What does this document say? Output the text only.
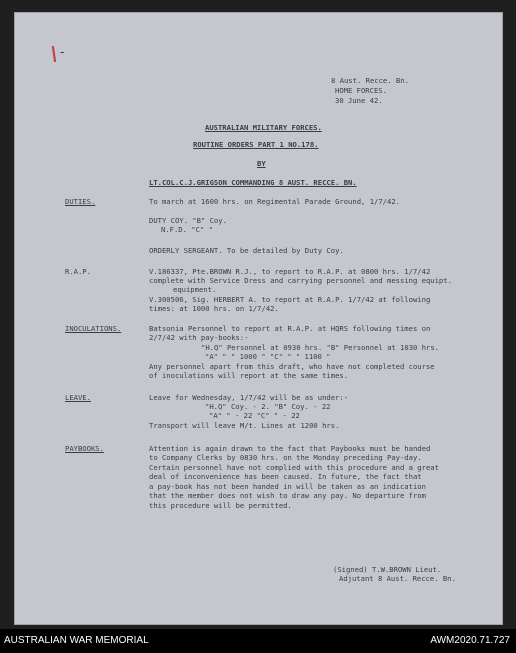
I -

8 Aust. Recce. Bn.

HOME FORCES.

30 June 42.

AUSTRALIAN MILITARY FORCES.

ROUTINE ORDERS PART 1 NO.178.

BY

LT.COL.C.J.GRIGSON COMMANDING 8 AUST. RECCE. BN.

DUTIES.	To march at 1600 hrs. on Regimental Parade Ground, 1/7/42.

DUTY COY. "B" Coy.

N.F.D. "C" "

ORDERLY SERGEANT. To be detailed by Duty Coy.

R.A.P.	V.186337, Pte.BROWN R.J., to report to R.A.P. at 0800 hrs. 1/7/42

complete with Service Dress and carrying personnel and messing equipt.

equipment.

V.300506, Sig. HERBERT A. to report at R.A.P. 1/7/42 at following

times: at 1000 hrs. on 1/7/42.

INOCULATIONS.	Batsonia Personnel to report at R.A.P. at HQRS following times on

2/7/42 with pay-books:-

"H.Q" Personnel at 0930 hrs. "B" Personnel at 1030 hrs.

"A" " " 1000 " "C" " " 1100 "

Any personnel apart from this draft, who have not completed course

of inoculations will report at the same times.

LEAVE.	Leave for Wednesday, 1/7/42 will be as under:-

"H.Q" Coy. - 2. "B" Coy. - 22

"A" " - 22 "C" " - 22

Transport will leave M/t. Lines at 1200 hrs.

PAYBOOKS.	Attention is again drawn to the fact that Paybooks must be handed

to Company Clerks by 0830 hrs. on the Monday preceding Pay-day.

Certain personnel have not complied with this procedure and a great

deal of inconvenience has been caused. In future, the fact that

a pay-book has not been handed in will be taken as an indication

that the member does not wish to draw any pay. No departure from

this procedure will be permitted.

(Signed) T.W.BROWN Lieut.

Adjutant 8 Aust. Recce. Bn.

AUSTRALIAN WAR MEMORIAL	AWM2020.71.727
